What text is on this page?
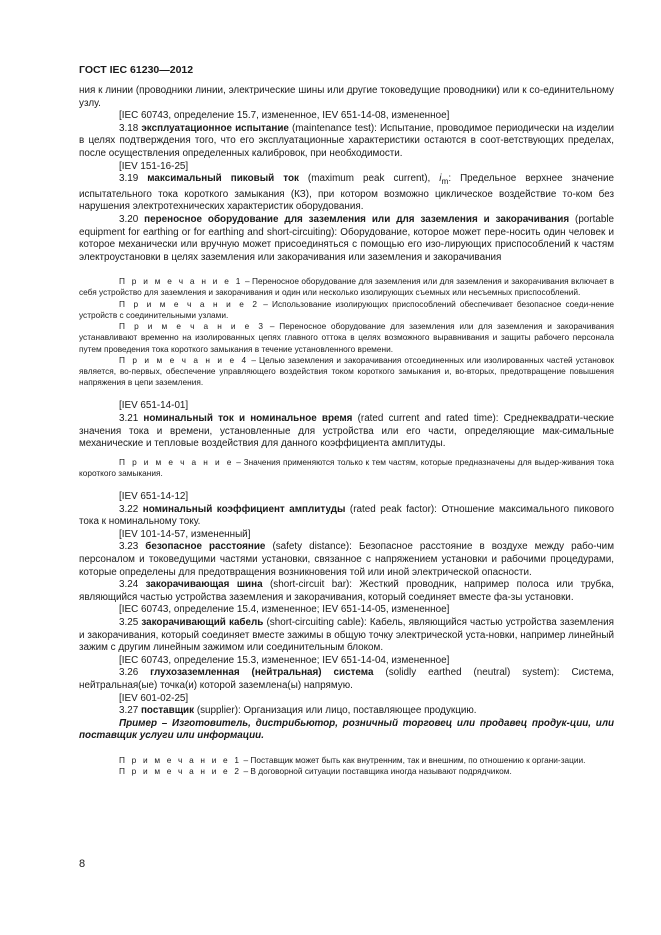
ГОСТ IEC 61230—2012

ния к линии (проводники линии, электрические шины или другие токоведущие проводники) или к со-единительному узлу.

[IEC 60743, определение 15.7, измененное, IEV 651-14-08, измененное]

3.18 эксплуатационное испытание (maintenance test): Испытание, проводимое периодически на изделии в целях подтверждения того, что его эксплуатационные характеристики остаются в соот-ветствующих пределах, после осуществления определенных калибровок, при необходимости.

[IEV 151-16-25]

3.19 максимальный пиковый ток (maximum peak current), $i_m$: Предельное верхнее значение испытательного тока короткого замыкания (КЗ), при котором возможно циклическое воздействие то-ком без нарушения электротехнических характеристик оборудования.

3.20 переносное оборудование для заземления или для заземления и закорачивания (portable equipment for earthing or for earthing and short-circuiting): Оборудование, которое может пере-носить один человек и которое механически или вручную может присоединяться с помощью его изо-лирующих приспособлений к частям электроустановки в целях заземления или закорачивания или заземления и закорачивания

П р и м е ч а н и е 1 – Переносное оборудование для заземления или для заземления и закорачивания включает в себя устройство для заземления и закорачивания и один или несколько изолирующих съемных или несъемных приспособлений.

П р и м е ч а н и е 2 – Использование изолирующих приспособлений обеспечивает безопасное соеди-нение устройств с соединительными узлами.

П р и м е ч а н и е 3 – Переносное оборудование для заземления или для заземления и закорачивания устанавливают временно на изолированных цепях главного оттока в целях возможного выравнивания и защиты рабочего персонала путем проведения тока короткого замыкания в течение установленного времени.

П р и м е ч а н и е 4 – Целью заземления и закорачивания отсоединенных или изолированных частей установок является, во-первых, обеспечение управляющего воздействия током короткого замыкания и, во-вторых, предотвращение повышения напряжения в цепи заземления.

[IEV 651-14-01]

3.21 номинальный ток и номинальное время (rated current and rated time): Среднеквадрати-ческие значения тока и времени, установленные для устройства или его части, определяющие мак-симальные механические и тепловые воздействия для данного коэффициента амплитуды.

П р и м е ч а н и е – Значения применяются только к тем частям, которые предназначены для выдер-живания тока короткого замыкания.

[IEV 651-14-12]

3.22 номинальный коэффициент амплитуды (rated peak factor): Отношение максимального пикового тока к номинальному току.

[IEV 101-14-57, измененный]

3.23 безопасное расстояние (safety distance): Безопасное расстояние в воздухе между рабо-чим персоналом и токоведущими частями установки, связанное с напряжением установки и рабочими процедурами, которые определены для предотвращения возникновения той или иной электрической опасности.

3.24 закорачивающая шина (short-circuit bar): Жесткий проводник, например полоса или трубка, являющийся частью устройства заземления и закорачивания, который соединяет вместе фа-зы установки.

[IEC 60743, определение 15.4, измененное; IEV 651-14-05, измененное]

3.25 закорачивающий кабель (short-circuiting cable): Кабель, являющийся частью устройства заземления и закорачивания, который соединяет вместе зажимы в общую точку электрической уста-новки, например линейный зажим с другим линейным зажимом или соединительным блоком.

[IEC 60743, определение 15.3, измененное; IEV 651-14-04, измененное]

3.26 глухозаземленная (нейтральная) система (solidly earthed (neutral) system): Система, нейтральная(ые) точка(и) которой заземлена(ы) напрямую.

[IEV 601-02-25]

3.27 поставщик (supplier): Организация или лицо, поставляющее продукцию.

Пример – Изготовитель, дистрибьютор, розничный торговец или продавец продук-ции, или поставщик услуги или информации.

П р и м е ч а н и е 1 – Поставщик может быть как внутренним, так и внешним, по отношению к органи-зации.

П р и м е ч а н и е 2 – В договорной ситуации поставщика иногда называют подрядчиком.

8
